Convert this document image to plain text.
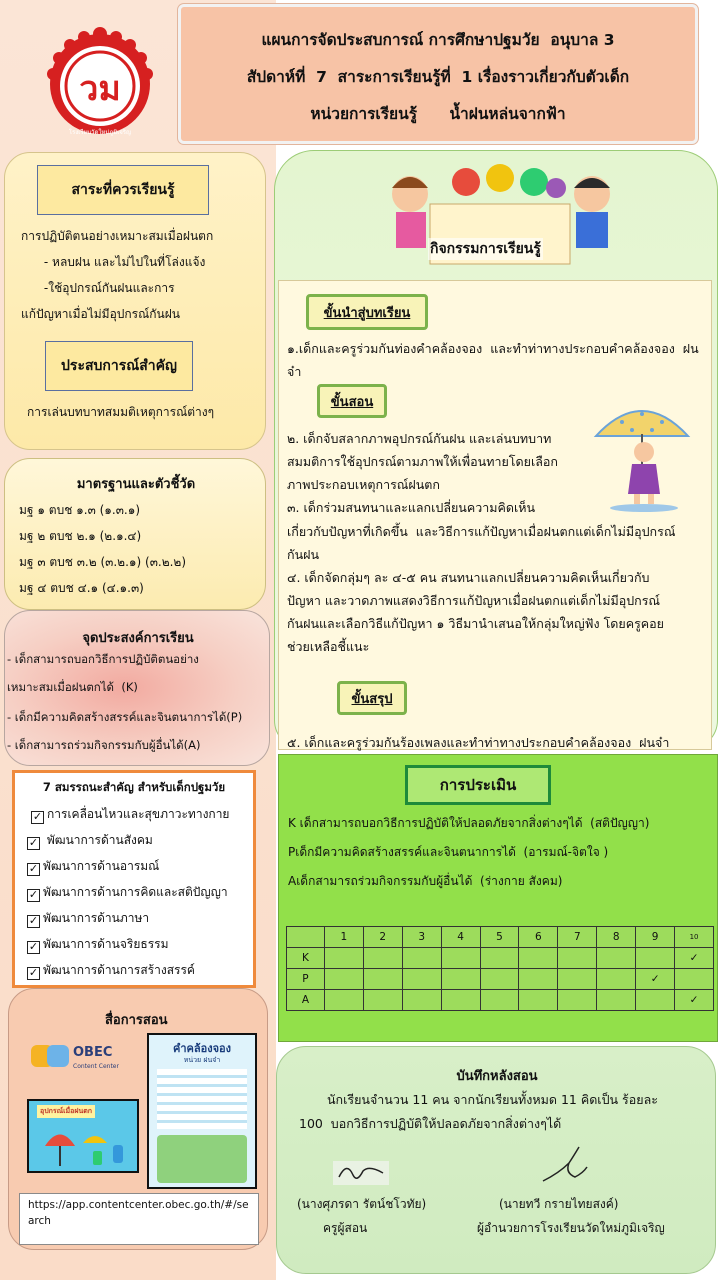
แผนการจัดประสบการณ์ การศึกษาปฐมวัย  อนุบาล 3
สัปดาห์ที่  7  สาระการเรียนรู้ที่  1 เรื่องราวเกี่ยวกับตัวเด็ก
หน่วยการเรียนรู้      น้ำฝนหล่นจากฟ้า
วม
โรงเรียนวัดใหม่ภูมิเจริญ
สาระที่ควรเรียนรู้
การปฏิบัติตนอย่างเหมาะสมเมื่อฝนตก
- หลบฝน และไม่ไปในที่โล่งแจ้ง
-ใช้อุปกรณ์กันฝนและการ
แก้ปัญหาเมื่อไม่มีอุปกรณ์กันฝน
ประสบการณ์สำคัญ
การเล่นบทบาทสมมติเหตุการณ์ต่างๆ
มาตรฐานและตัวชี้วัด
มฐ ๑ ตบช ๑.๓ (๑.๓.๑)
มฐ ๒ ตบช ๒.๑ (๒.๑.๔)
มฐ ๓ ตบช ๓.๒ (๓.๒.๑) (๓.๒.๒)
มฐ ๔ ตบช ๔.๑ (๔.๑.๓)
จุดประสงค์การเรียน
- เด็กสามารถบอกวิธีการปฏิบัติตนอย่าง
เหมาะสมเมื่อฝนตกได้  (K)
- เด็กมีความคิดสร้างสรรค์และจินตนาการได้(P)
- เด็กสามารถร่วมกิจกรรมกับผู้อื่นได้(A)
7 สมรรถนะสำคัญ สำหรับเด็กปฐมวัย
✓ การเคลื่อนไหวและสุขภาวะทางกาย
✓ พัฒนาการด้านสังคม
✓ พัฒนาการด้านอารมณ์
✓ พัฒนาการด้านการคิดและสติปัญญา
✓ พัฒนาการด้านภาษา
✓ พัฒนาการด้านจริยธรรม
✓ พัฒนาการด้านการสร้างสรรค์
สื่อการสอน
OBEC
Content Center
อุปกรณ์เมื่อฝนตก
คำคล้องจอง
หน่วย ฝนจ๋า
https://app.contentcenter.obec.go.th/#/se
arch
กิจกรรมการเรียนรู้
ขั้นนำสู่บทเรียน
๑.เด็กและครูร่วมกันท่องคำคล้องจอง  และทำท่าทางประกอบคำคล้องจอง  ฝน
จ๋า
ขั้นสอน
๒. เด็กจับสลากภาพอุปกรณ์กันฝน และเล่นบทบาท
สมมติการใช้อุปกรณ์ตามภาพให้เพื่อนทายโดยเลือก
ภาพประกอบเหตุการณ์ฝนตก
๓. เด็กร่วมสนทนาและแลกเปลี่ยนความคิดเห็น
เกี่ยวกับปัญหาที่เกิดขึ้น  และวิธีการแก้ปัญหาเมื่อฝนตกแต่เด็กไม่มีอุปกรณ์
กันฝน
๔. เด็กจัดกลุ่มๆ ละ ๔-๕ คน สนทนาแลกเปลี่ยนความคิดเห็นเกี่ยวกับ
ปัญหา และวาดภาพแสดงวิธีการแก้ปัญหาเมื่อฝนตกแต่เด็กไม่มีอุปกรณ์
กันฝนและเลือกวิธีแก้ปัญหา ๑ วิธีมานำเสนอให้กลุ่มใหญ่ฟัง โดยครูคอย
ช่วยเหลือชี้แนะ
ขั้นสรุป
๕. เด็กและครูร่วมกันร้องเพลงและทำท่าทางประกอบคำคล้องจอง  ฝนจ๋า
การประเมิน
K เด็กสามารถบอกวิธีการปฏิบัติให้ปลอดภัยจากสิ่งต่างๆได้  (สติปัญญา)
Pเด็กมีความคิดสร้างสรรค์และจินตนาการได้  (อารมณ์-จิตใจ )
Aเด็กสามารถร่วมกิจกรรมกับผู้อื่นได้  (ร่างกาย สังคม)
	1	2	3	4	5	6	7	8	9	10
K										✓
P									✓	
A										✓
บันทึกหลังสอน
นักเรียนจำนวน 11 คน จากนักเรียนทั้งหมด 11 คิดเป็น ร้อยละ
100  บอกวิธีการปฏิบัติให้ปลอดภัยจากสิ่งต่างๆได้
(นางศุภรดา รัตน์ชโวทัย)
ครูผู้สอน
(นายทวี กรายไทยสงค์)
ผู้อำนวยการโรงเรียนวัดใหม่ภูมิเจริญ
